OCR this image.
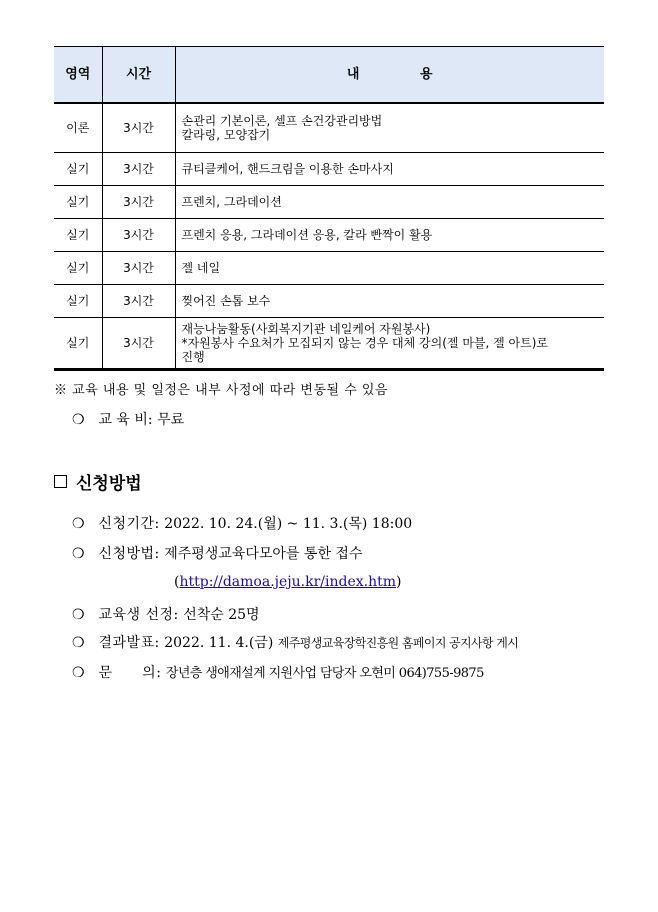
영역	시간	내 용
이론	3시간	손관리 기본이론, 셀프 손건강관리방법
칼라링, 모양잡기

실기	3시간	큐티클케어, 핸드크림을 이용한 손마사지

실기	3시간	프렌치, 그라데이션

실기	3시간	프렌치 응용, 그라데이션 응용, 칼라 빤짝이 활용

실기	3시간	젤 네일

실기	3시간	찢어진 손톱 보수

실기	3시간	재능나눔활동(사회복지기관 네일케어 자원봉사)
*자원봉사 수요처가 모집되지 않는 경우 대체 강의(젤 마블, 젤 아트)로
진행
※ 교육 내용 및 일정은 내부 사정에 따라 변동될 수 있음
❍ 교 육 비: 무료
신청방법
❍ 신청기간: 2022. 10. 24.(월) ~ 11. 3.(목) 18:00
❍ 신청방법: 제주평생교육다모아를 통한 접수
(http://damoa.jeju.kr/index.htm)
❍ 교육생 선정: 선착순 25명
❍ 결과발표: 2022. 11. 4.(금) 제주평생교육장학진흥원 홈페이지 공지사항 게시
❍ 문      의: 장년층 생애재설계 지원사업 담당자 오현미 064)755-9875
